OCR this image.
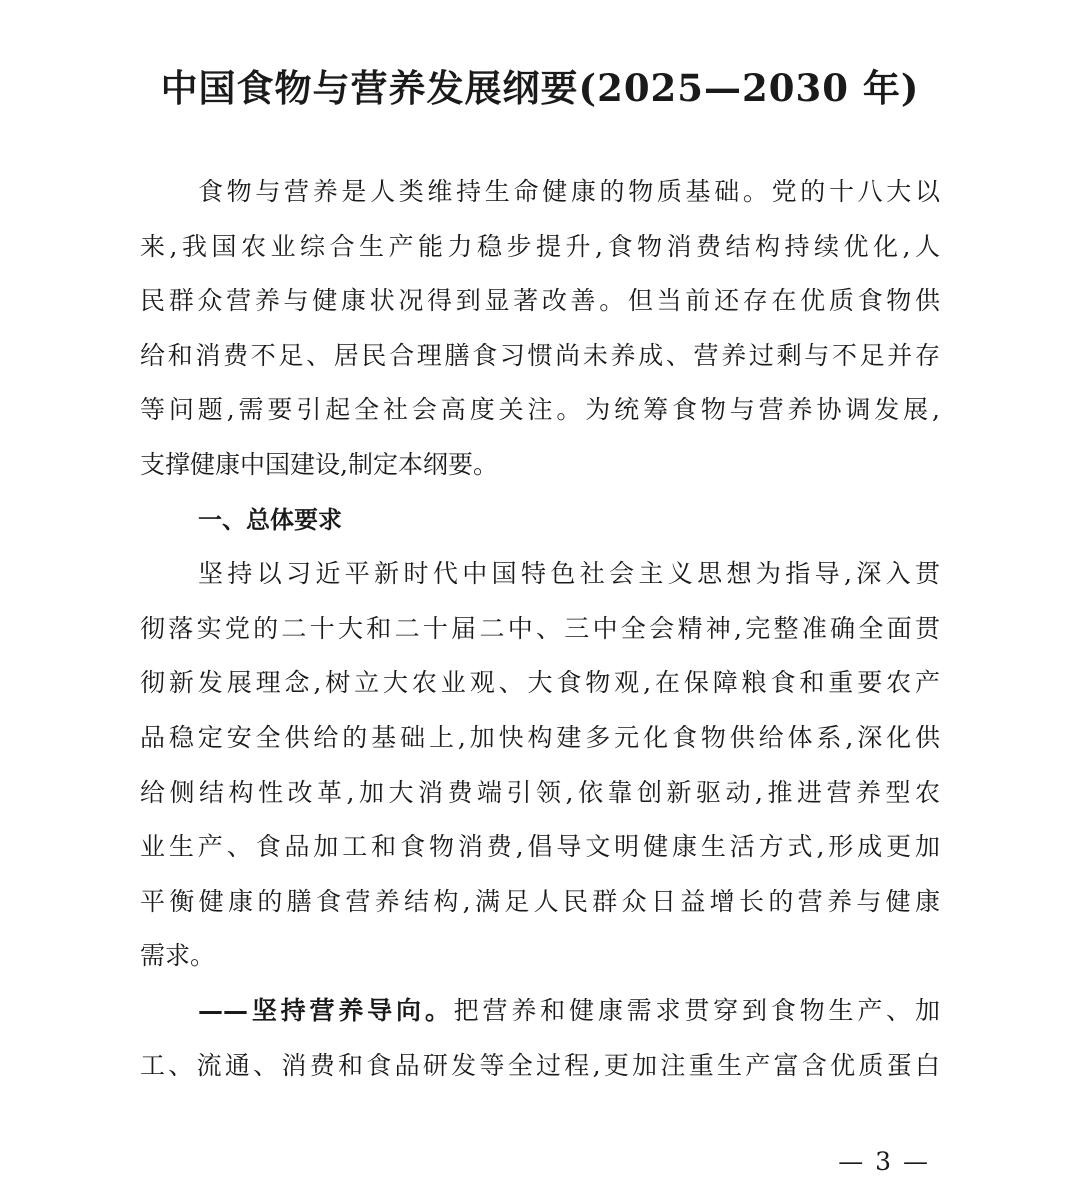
中国食物与营养发展纲要(2025—2030 年)
食物与营养是人类维持生命健康的物质基础。党的十八大以
来,我国农业综合生产能力稳步提升,食物消费结构持续优化,人
民群众营养与健康状况得到显著改善。但当前还存在优质食物供
给和消费不足、居民合理膳食习惯尚未养成、营养过剩与不足并存
等问题,需要引起全社会高度关注。为统筹食物与营养协调发展,
支撑健康中国建设,制定本纲要。
一、总体要求
坚持以习近平新时代中国特色社会主义思想为指导,深入贯
彻落实党的二十大和二十届二中、三中全会精神,完整准确全面贯
彻新发展理念,树立大农业观、大食物观,在保障粮食和重要农产
品稳定安全供给的基础上,加快构建多元化食物供给体系,深化供
给侧结构性改革,加大消费端引领,依靠创新驱动,推进营养型农
业生产、食品加工和食物消费,倡导文明健康生活方式,形成更加
平衡健康的膳食营养结构,满足人民群众日益增长的营养与健康
需求。
——坚持营养导向。把营养和健康需求贯穿到食物生产、加
工、流通、消费和食品研发等全过程,更加注重生产富含优质蛋白
— 3 —
